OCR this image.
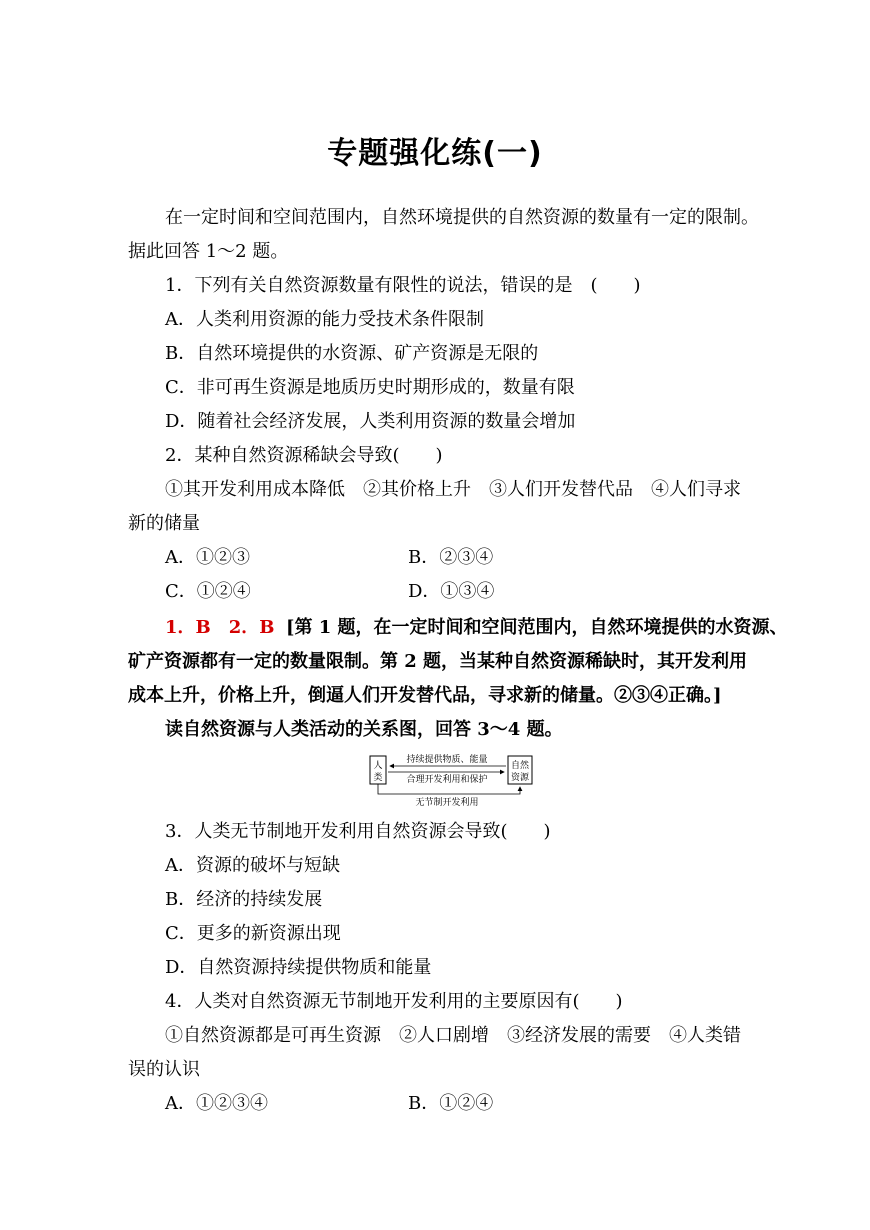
专题强化练(一)
在一定时间和空间范围内，自然环境提供的自然资源的数量有一定的限制。
据此回答 1～2 题。
1．下列有关自然资源数量有限性的说法，错误的是　(　　)
A．人类利用资源的能力受技术条件限制
B．自然环境提供的水资源、矿产资源是无限的
C．非可再生资源是地质历史时期形成的，数量有限
D．随着社会经济发展，人类利用资源的数量会增加
2．某种自然资源稀缺会导致(　　)
①其开发利用成本降低　②其价格上升　③人们开发替代品　④人们寻求
新的储量
A．①②③	B．②③④
C．①②④	D．①③④
1．B　2．B [第 1 题，在一定时间和空间范围内，自然环境提供的水资源、
矿产资源都有一定的数量限制。第 2 题，当某种自然资源稀缺时，其开发利用
成本上升，价格上升，倒逼人们开发替代品，寻求新的储量。②③④正确。]
读自然资源与人类活动的关系图，回答 3～4 题。
人
类
自然
资源
持续提供物质、能量
合理开发利用和保护
无节制开发利用
3．人类无节制地开发利用自然资源会导致(　　)
A．资源的破坏与短缺
B．经济的持续发展
C．更多的新资源出现
D．自然资源持续提供物质和能量
4．人类对自然资源无节制地开发利用的主要原因有(　　)
①自然资源都是可再生资源　②人口剧增　③经济发展的需要　④人类错
误的认识
A．①②③④	B．①②④
